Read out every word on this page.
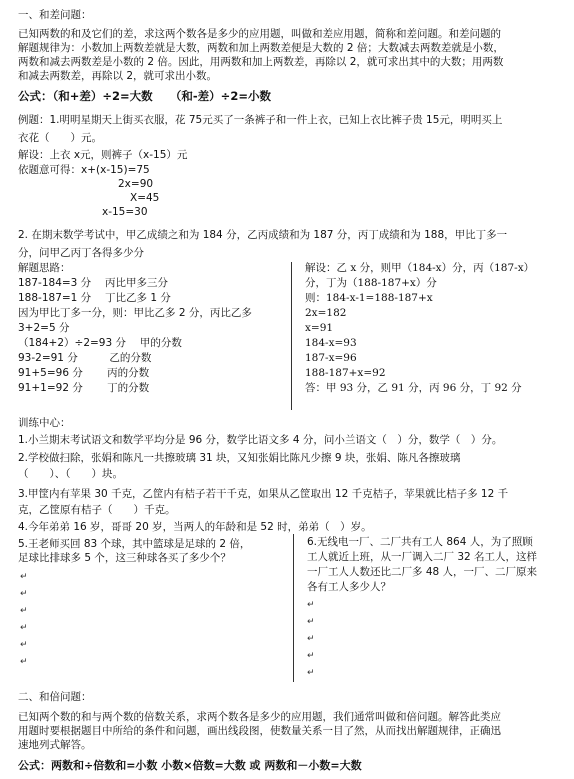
一、和差问题：
已知两数的和及它们的差，求这两个数各是多少的应用题，叫做和差应用题，简称和差问题。和差问题的
解题规律为：小数加上两数差就是大数，两数和加上两数差便是大数的 2 倍；大数减去两数差就是小数，
两数和减去两数差是小数的 2 倍。因此，用两数和加上两数差，再除以 2，就可求出其中的大数；用两数
和减去两数差，再除以 2，就可求出小数。
公式：（和+差）÷2=大数　　（和-差）÷2=小数
例题：1.明明星期天上街买衣服，花 75元买了一条裤子和一件上衣，已知上衣比裤子贵 15元，明明买上
衣花（　　）元。
解设：上衣 x元，则裤子（x-15）元
依题意可得：x+(x-15)=75
2x=90
X=45
x-15=30
2. 在期末数学考试中，甲乙成绩之和为 184 分，乙丙成绩和为 187 分，丙丁成绩和为 188，甲比丁多一
分，问甲乙丙丁各得多少分
解题思路：
187-184=3 分　 丙比甲多三分
188-187=1 分　 丁比乙多 1 分
因为甲比丁多一分，则：甲比乙多 2 分，丙比乙多
3+2=5 分
（184+2）÷2=93 分　 甲的分数
93-2=91 分　　　乙的分数
91+5=96 分　　 丙的分数
91+1=92 分　　 丁的分数
解设：乙 x 分，则甲（184-x）分，丙（187-x）
分，丁为（188-187+x）分
则：184-x-1=188-187+x
2x=182
x=91
184-x=93
187-x=96
188-187+x=92
答：甲 93 分，乙 91 分，丙 96 分，丁 92 分
训练中心：
1.小兰期末考试语文和数学平均分是 96 分，数学比语文多 4 分，问小兰语文（　）分，数学（　）分。
2.学校做扫除，张娟和陈凡一共擦玻璃 31 块，又知张娟比陈凡少擦 9 块，张娟、陈凡各擦玻璃
（　　）、（　　）块。
3.甲筐内有苹果 30 千克，乙筐内有桔子若干千克，如果从乙筐取出 12 千克桔子，苹果就比桔子多 12 千
克，乙筐原有桔子（　　）千克。
4.今年弟弟 16 岁，哥哥 20 岁，当两人的年龄和是 52 时，弟弟（　）岁。
5.王老师买回 83 个球，其中篮球是足球的 2 倍，
足球比排球多 5 个，这三种球各买了多少个？
6.无线电一厂、二厂共有工人 864 人，为了照顾
工人就近上班，从一厂调入二厂 32 名工人，这样
一厂工人人数还比二厂多 48 人，一厂、二厂原来
各有工人多少人？
↵
↵
↵
↵
↵
↵
↵
↵
↵
↵
↵
二、和倍问题：
已知两个数的和与两个数的倍数关系，求两个数各是多少的应用题，我们通常叫做和倍问题。解答此类应
用题时要根据题目中所给的条件和问题，画出线段图，使数量关系一目了然，从而找出解题规律，正确迅
速地列式解答。
公式：两数和÷倍数和=小数 小数×倍数=大数 或 两数和－小数=大数
